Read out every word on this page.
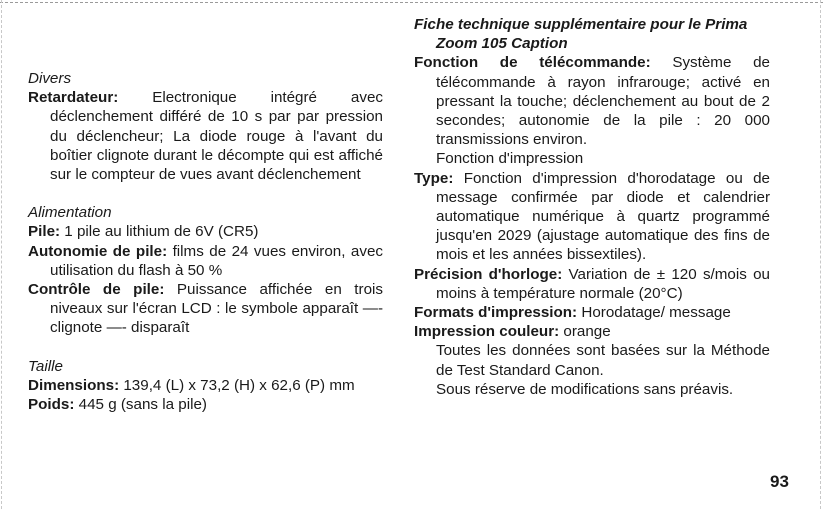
Divers

Retardateur: Electronique intégré avec déclenchement différé de 10 s par par pression du déclencheur; La diode rouge à l'avant du boîtier clignote durant le décompte qui est affiché sur le compteur de vues avant déclenchement

Alimentation

Pile: 1 pile au lithium de 6V (CR5)

Autonomie de pile: films de 24 vues environ, avec utilisation du flash à 50 %

Contrôle de pile: Puissance affichée en trois niveaux sur l'écran LCD : le symbole apparaît —- clignote —- disparaît

Taille

Dimensions: 139,4 (L) x 73,2 (H) x 62,6 (P) mm

Poids: 445 g (sans la pile)

Fiche technique supplémentaire pour le Prima Zoom 105 Caption

Fonction de télécommande: Système de télécommande à rayon infrarouge; activé en pressant la touche; déclenchement au bout de 2 secondes; autonomie de la pile : 20 000 transmissions environ.

Fonction d'impression

Type: Fonction d'impression d'horodatage ou de message confirmée par diode et calendrier automatique numérique à quartz programmé jusqu'en 2029 (ajustage automatique des fins de mois et les années bissextiles).

Précision d'horloge: Variation de ± 120 s/mois ou moins à température normale (20°C)

Formats d'impression: Horodatage/ message

Impression couleur: orange

Toutes les données sont basées sur la Méthode de Test Standard Canon.

Sous réserve de modifications sans préavis.

93
